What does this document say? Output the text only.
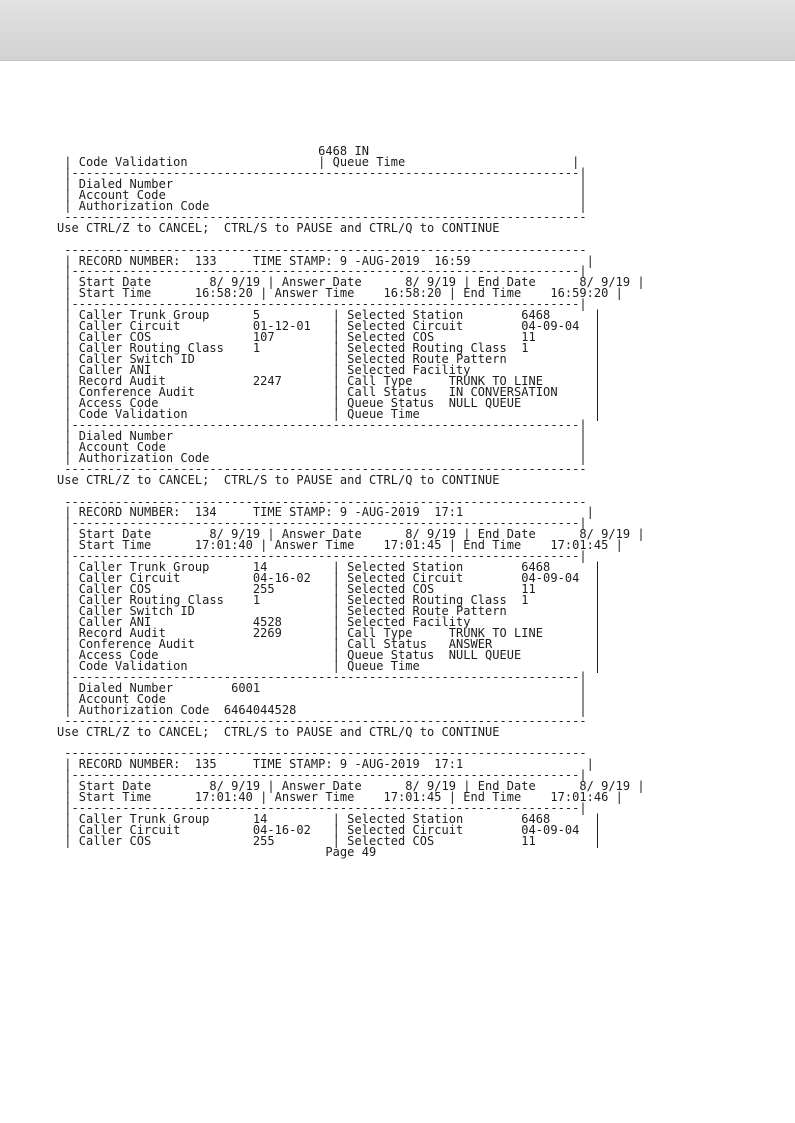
6468 IN
| Code Validation                  | Queue Time                       |
|----------------------------------------------------------------------|
| Dialed Number                                                        |
| Account Code                                                         |
| Authorization Code                                                   |
------------------------------------------------------------------------
Use CTRL/Z to CANCEL;  CTRL/S to PAUSE and CTRL/Q to CONTINUE

------------------------------------------------------------------------
| RECORD NUMBER:  133     TIME STAMP: 9 -AUG-2019  16:59                |
|----------------------------------------------------------------------|
| Start Date        8/ 9/19 | Answer Date      8/ 9/19 | End Date      8/ 9/19 |
| Start Time      16:58:20 | Answer Time    16:58:20 | End Time    16:59:20 |
|----------------------------------------------------------------------|
| Caller Trunk Group      5          | Selected Station        6468      |
| Caller Circuit          01-12-01   | Selected Circuit        04-09-04  |
| Caller COS              107        | Selected COS            11        |
| Caller Routing Class    1          | Selected Routing Class  1         |
| Caller Switch ID                   | Selected Route Pattern            |
| Caller ANI                         | Selected Facility                 |
| Record Audit            2247       | Call Type     TRUNK TO LINE       |
| Conference Audit                   | Call Status   IN CONVERSATION     |
| Access Code                        | Queue Status  NULL QUEUE          |
| Code Validation                    | Queue Time                        |
|----------------------------------------------------------------------|
| Dialed Number                                                        |
| Account Code                                                         |
| Authorization Code                                                   |
------------------------------------------------------------------------
Use CTRL/Z to CANCEL;  CTRL/S to PAUSE and CTRL/Q to CONTINUE

------------------------------------------------------------------------
| RECORD NUMBER:  134     TIME STAMP: 9 -AUG-2019  17:1                 |
|----------------------------------------------------------------------|
| Start Date        8/ 9/19 | Answer Date      8/ 9/19 | End Date      8/ 9/19 |
| Start Time      17:01:40 | Answer Time    17:01:45 | End Time    17:01:45 |
|----------------------------------------------------------------------|
| Caller Trunk Group      14         | Selected Station        6468      |
| Caller Circuit          04-16-02   | Selected Circuit        04-09-04  |
| Caller COS              255        | Selected COS            11        |
| Caller Routing Class    1          | Selected Routing Class  1         |
| Caller Switch ID                   | Selected Route Pattern            |
| Caller ANI              4528       | Selected Facility                 |
| Record Audit            2269       | Call Type     TRUNK TO LINE       |
| Conference Audit                   | Call Status   ANSWER              |
| Access Code                        | Queue Status  NULL QUEUE          |
| Code Validation                    | Queue Time                        |
|----------------------------------------------------------------------|
| Dialed Number        6001                                            |
| Account Code                                                         |
| Authorization Code  6464044528                                       |
------------------------------------------------------------------------
Use CTRL/Z to CANCEL;  CTRL/S to PAUSE and CTRL/Q to CONTINUE

------------------------------------------------------------------------
| RECORD NUMBER:  135     TIME STAMP: 9 -AUG-2019  17:1                 |
|----------------------------------------------------------------------|
| Start Date        8/ 9/19 | Answer Date      8/ 9/19 | End Date      8/ 9/19 |
| Start Time      17:01:40 | Answer Time    17:01:45 | End Time    17:01:46 |
|----------------------------------------------------------------------|
| Caller Trunk Group      14         | Selected Station        6468      |
| Caller Circuit          04-16-02   | Selected Circuit        04-09-04  |
| Caller COS              255        | Selected COS            11        |
Page 49
